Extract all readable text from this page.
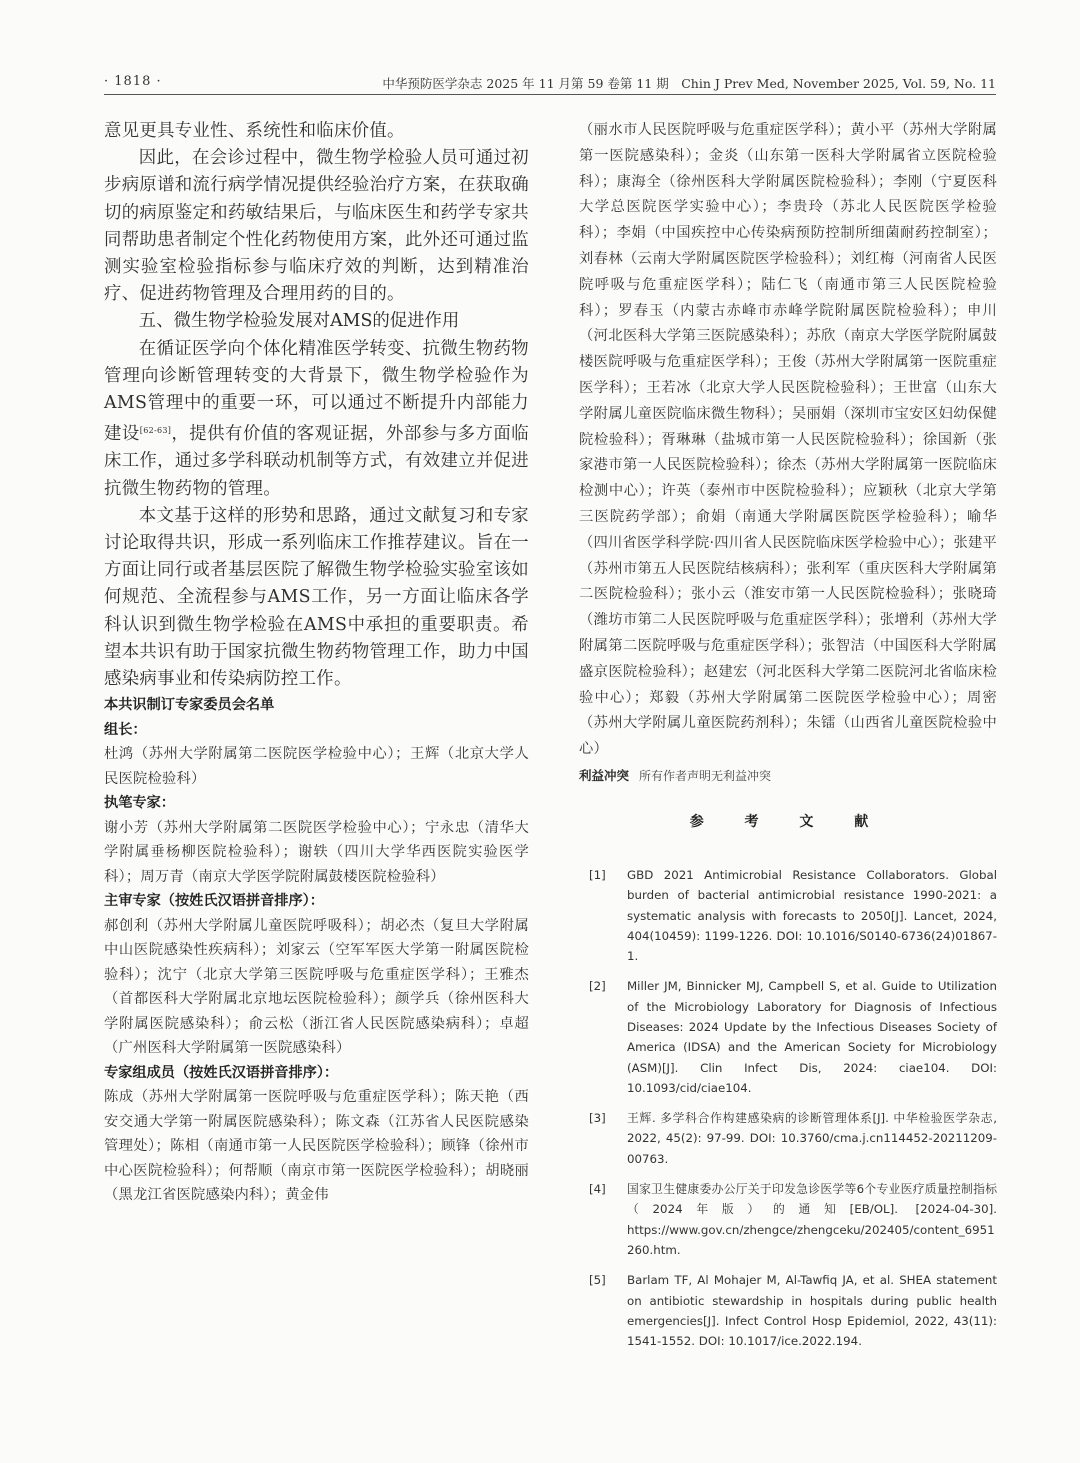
· 1818 ·	中华预防医学杂志 2025 年 11 月第 59 卷第 11 期　Chin J Prev Med, November 2025, Vol. 59, No. 11

意见更具专业性、系统性和临床价值。

因此，在会诊过程中，微生物学检验人员可通过初步病原谱和流行病学情况提供经验治疗方案，在获取确切的病原鉴定和药敏结果后，与临床医生和药学专家共同帮助患者制定个性化药物使用方案，此外还可通过监测实验室检验指标参与临床疗效的判断，达到精准治疗、促进药物管理及合理用药的目的。

五、微生物学检验发展对AMS的促进作用

在循证医学向个体化精准医学转变、抗微生物药物管理向诊断管理转变的大背景下，微生物学检验作为AMS管理中的重要一环，可以通过不断提升内部能力建设[62-63]，提供有价值的客观证据，外部参与多方面临床工作，通过多学科联动机制等方式，有效建立并促进抗微生物药物的管理。

本文基于这样的形势和思路，通过文献复习和专家讨论取得共识，形成一系列临床工作推荐建议。旨在一方面让同行或者基层医院了解微生物学检验实验室该如何规范、全流程参与AMS工作，另一方面让临床各学科认识到微生物学检验在AMS中承担的重要职责。希望本共识有助于国家抗微生物药物管理工作，助力中国感染病事业和传染病防控工作。

本共识制订专家委员会名单

组长：

杜鸿（苏州大学附属第二医院医学检验中心）；王辉（北京大学人民医院检验科）

执笔专家：

谢小芳（苏州大学附属第二医院医学检验中心）；宁永忠（清华大学附属垂杨柳医院检验科）；谢轶（四川大学华西医院实验医学科）；周万青（南京大学医学院附属鼓楼医院检验科）

主审专家（按姓氏汉语拼音排序）：

郝创利（苏州大学附属儿童医院呼吸科）；胡必杰（复旦大学附属中山医院感染性疾病科）；刘家云（空军军医大学第一附属医院检验科）；沈宁（北京大学第三医院呼吸与危重症医学科）；王雅杰（首都医科大学附属北京地坛医院检验科）；颜学兵（徐州医科大学附属医院感染科）；俞云松（浙江省人民医院感染病科）；卓超（广州医科大学附属第一医院感染科）

专家组成员（按姓氏汉语拼音排序）：

陈成（苏州大学附属第一医院呼吸与危重症医学科）；陈天艳（西安交通大学第一附属医院感染科）；陈文森（江苏省人民医院感染管理处）；陈相（南通市第一人民医院医学检验科）；顾锋（徐州市中心医院检验科）；何帮顺（南京市第一医院医学检验科）；胡晓丽（黑龙江省医院感染内科）；黄金伟

（丽水市人民医院呼吸与危重症医学科）；黄小平（苏州大学附属第一医院感染科）；金炎（山东第一医科大学附属省立医院检验科）；康海全（徐州医科大学附属医院检验科）；李刚（宁夏医科大学总医院医学实验中心）；李贵玲（苏北人民医院医学检验科）；李娟（中国疾控中心传染病预防控制所细菌耐药控制室）；刘春林（云南大学附属医院医学检验科）；刘红梅（河南省人民医院呼吸与危重症医学科）；陆仁飞（南通市第三人民医院检验科）；罗春玉（内蒙古赤峰市赤峰学院附属医院检验科）；申川（河北医科大学第三医院感染科）；苏欣（南京大学医学院附属鼓楼医院呼吸与危重症医学科）；王俊（苏州大学附属第一医院重症医学科）；王若冰（北京大学人民医院检验科）；王世富（山东大学附属儿童医院临床微生物科）；吴丽娟（深圳市宝安区妇幼保健院检验科）；胥琳琳（盐城市第一人民医院检验科）；徐国新（张家港市第一人民医院检验科）；徐杰（苏州大学附属第一医院临床检测中心）；许英（泰州市中医院检验科）；应颖秋（北京大学第三医院药学部）；俞娟（南通大学附属医院医学检验科）；喻华（四川省医学科学院·四川省人民医院临床医学检验中心）；张建平（苏州市第五人民医院结核病科）；张利军（重庆医科大学附属第二医院检验科）；张小云（淮安市第一人民医院检验科）；张晓琦（潍坊市第二人民医院呼吸与危重症医学科）；张增利（苏州大学附属第二医院呼吸与危重症医学科）；张智洁（中国医科大学附属盛京医院检验科）；赵建宏（河北医科大学第二医院河北省临床检验中心）；郑毅（苏州大学附属第二医院医学检验中心）；周密（苏州大学附属儿童医院药剂科）；朱镭（山西省儿童医院检验中心）

利益冲突 所有作者声明无利益冲突

参 考 文 献

[1]	GBD 2021 Antimicrobial Resistance Collaborators. Global burden of bacterial antimicrobial resistance 1990-2021: a systematic analysis with forecasts to 2050[J]. Lancet, 2024, 404(10459): 1199-1226. DOI: 10.1016/S0140-6736(24)01867-1.
[2]	Miller JM, Binnicker MJ, Campbell S, et al. Guide to Utilization of the Microbiology Laboratory for Diagnosis of Infectious Diseases: 2024 Update by the Infectious Diseases Society of America (IDSA) and the American Society for Microbiology (ASM)[J]. Clin Infect Dis, 2024: ciae104. DOI: 10.1093/cid/ciae104.
[3]	王辉. 多学科合作构建感染病的诊断管理体系[J]. 中华检验医学杂志, 2022, 45(2): 97-99. DOI: 10.3760/cma.j.cn114452-20211209-00763.
[4]	国家卫生健康委办公厅关于印发急诊医学等6个专业医疗质量控制指标（2024年版）的通知[EB/OL]. [2024-04-30]. https://www.gov.cn/zhengce/zhengceku/202405/content_6951260.htm.
[5]	Barlam TF, Al Mohajer M, Al-Tawfiq JA, et al. SHEA statement on antibiotic stewardship in hospitals during public health emergencies[J]. Infect Control Hosp Epidemiol, 2022, 43(11): 1541-1552. DOI: 10.1017/ice.2022.194.
